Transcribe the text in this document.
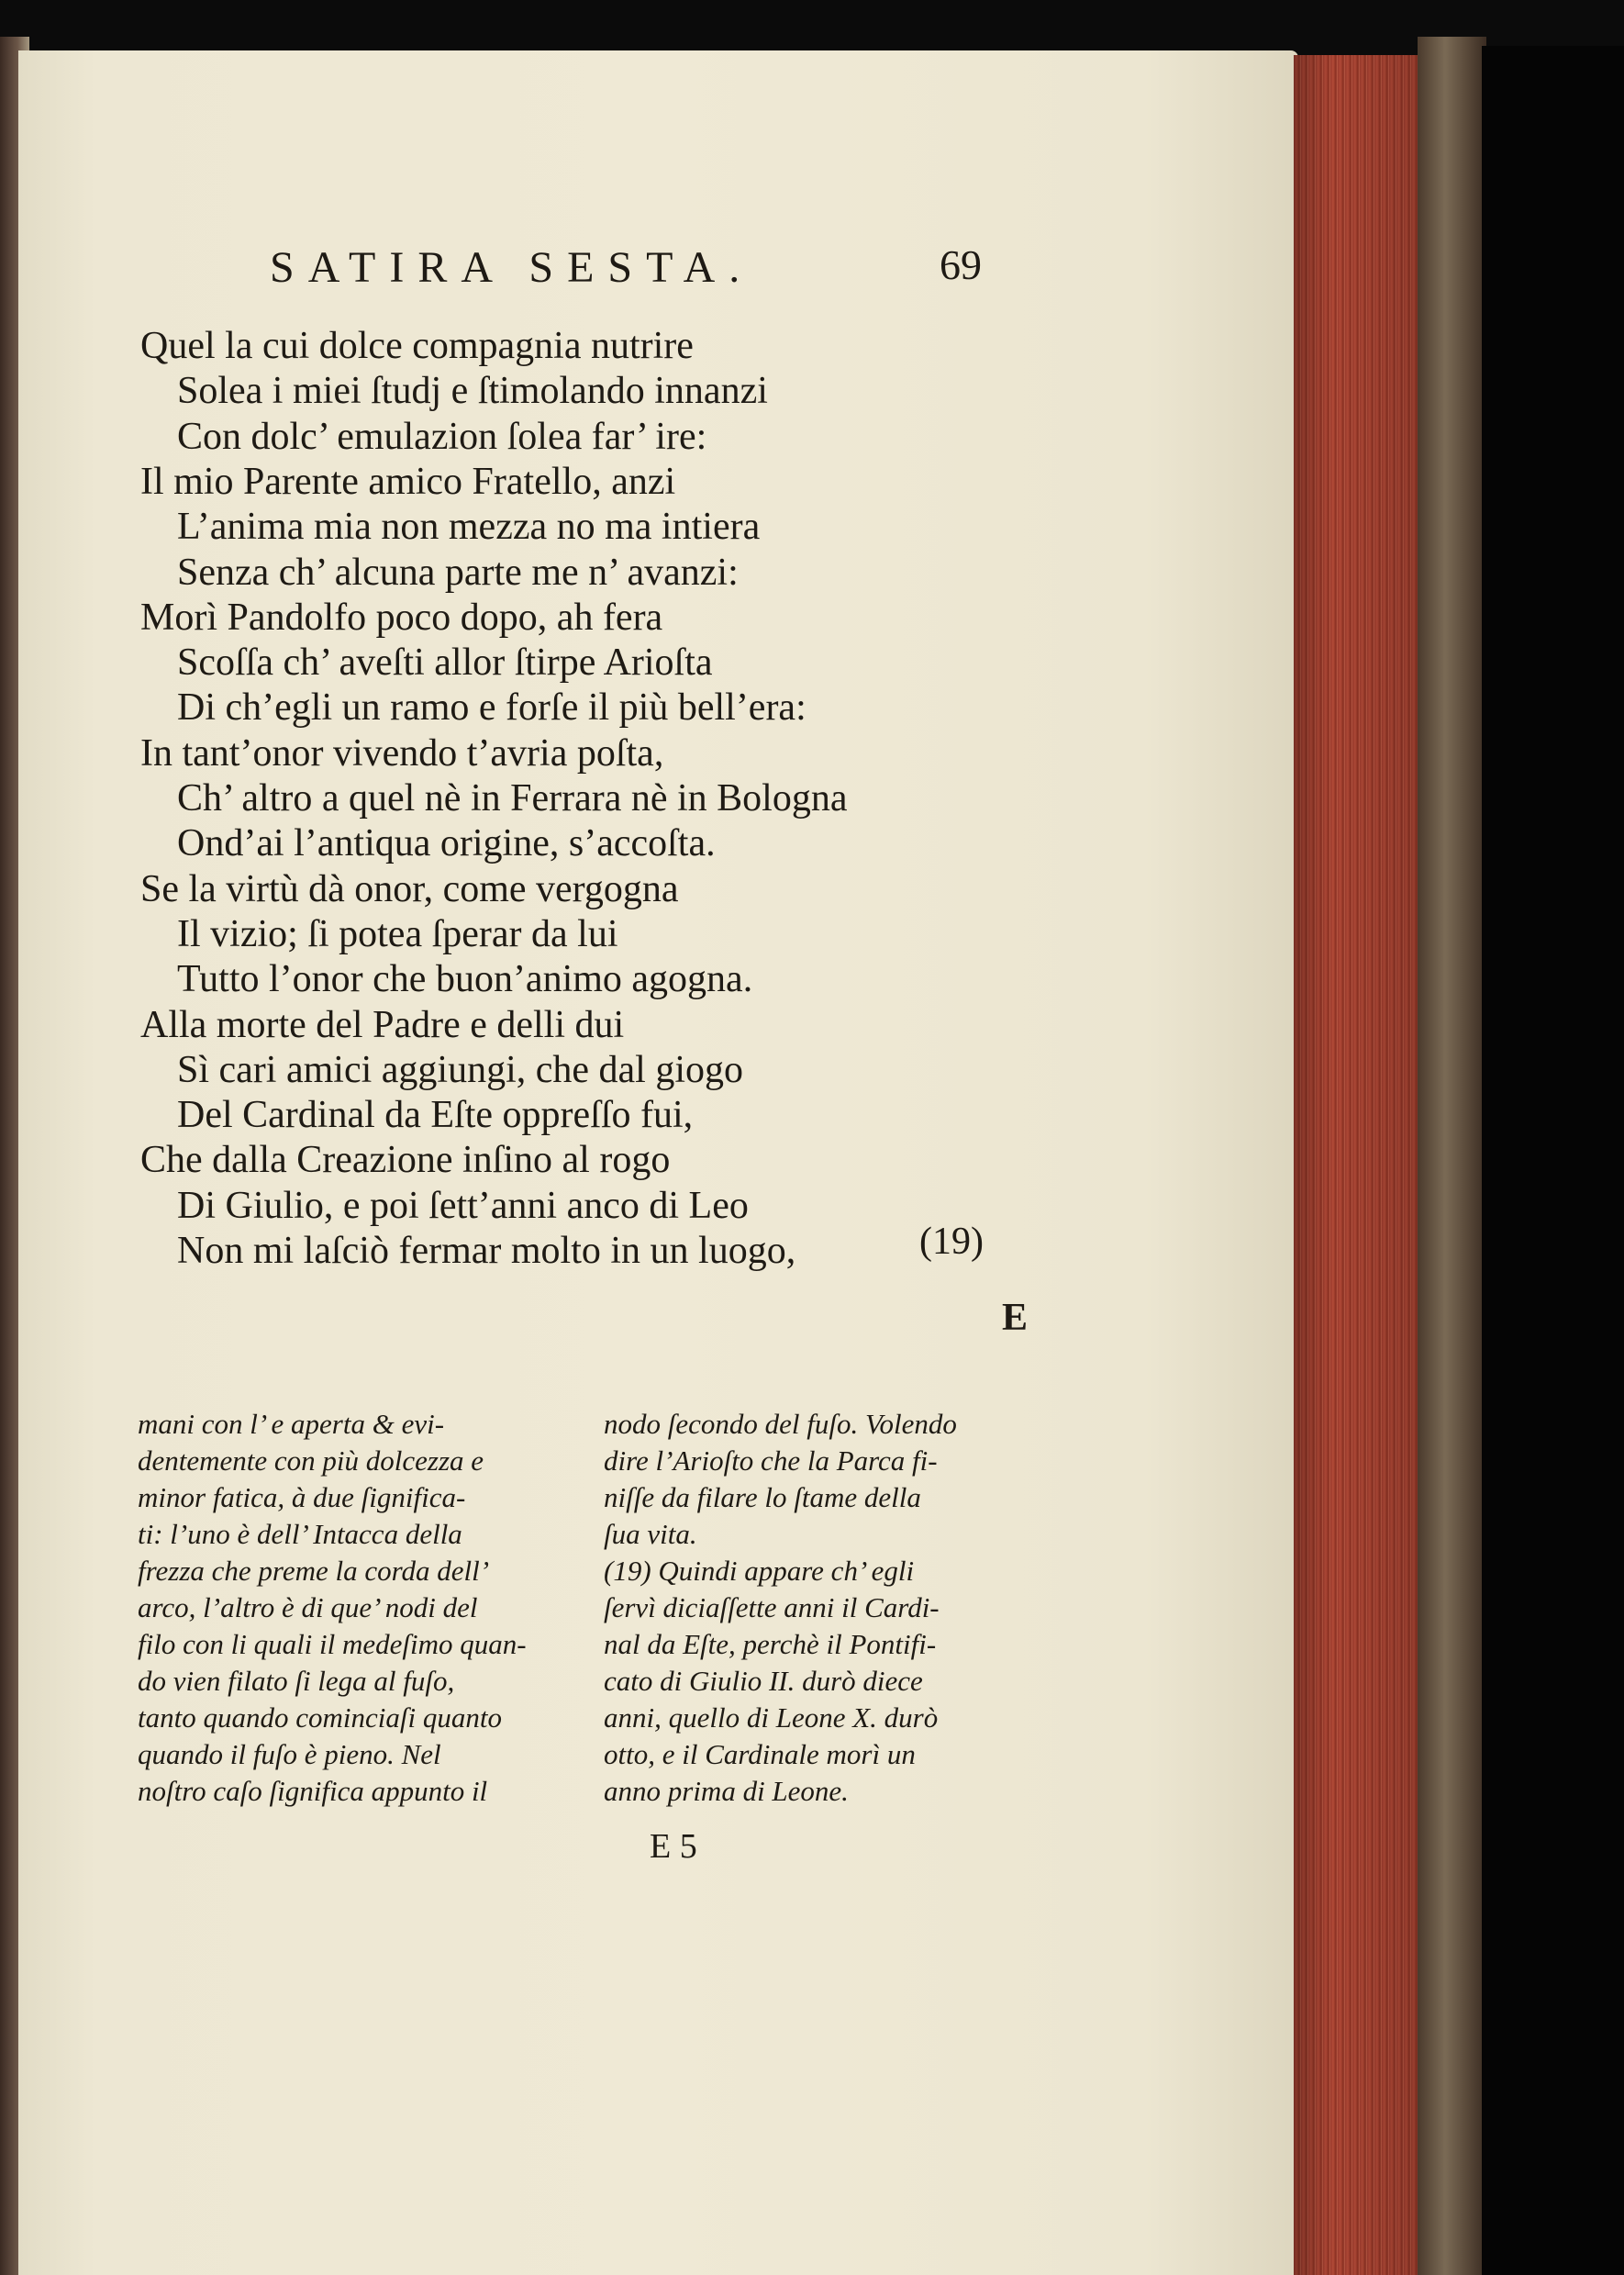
SATIRA SESTA.	69
Quel la cui dolce compagnia nutrire
Solea i miei ſtudj e ſtimolando innanzi
Con dolc’ emulazion ſolea far’ ire:
Il mio Parente amico Fratello, anzi
L’anima mia non mezza no ma intiera
Senza ch’ alcuna parte me n’ avanzi:
Morì Pandolfo poco dopo, ah fera
Scoſſa ch’ aveſti allor ſtirpe Arioſta
Di ch’egli un ramo e forſe il più bell’era:
In tant’onor vivendo t’avria poſta,
Ch’ altro a quel nè in Ferrara nè in Bologna
Ond’ai l’antiqua origine, s’accoſta.
Se la virtù dà onor, come vergogna
Il vizio; ſi potea ſperar da lui
Tutto l’onor che buon’animo agogna.
Alla morte del Padre e delli dui
Sì cari amici aggiungi, che dal giogo
Del Cardinal da Eſte oppreſſo fui,
Che dalla Creazione inſino al rogo
Di Giulio, e poi ſett’anni anco di Leo
Non mi laſciò fermar molto in un luogo,	(19)
E
mani con l’ e aperta & evi-
dentemente con più dolcezza e
minor fatica, à due ſignifica-
ti: l’uno è dell’ Intacca della
frezza che preme la corda dell’
arco, l’altro è di que’ nodi del
filo con li quali il medeſimo quan-
do vien filato ſi lega al fuſo,
tanto quando cominciaſi quanto
quando il fuſo è pieno. Nel
noſtro caſo ſignifica appunto il
nodo ſecondo del fuſo. Volendo
dire l’Arioſto che la Parca fi-
niſſe da filare lo ſtame della
ſua vita.
(19) Quindi appare ch’ egli
ſervì diciaſſette anni il Cardi-
nal da Eſte, perchè il Pontifi-
cato di Giulio II. durò diece
anni, quello di Leone X. durò
otto, e il Cardinale morì un
anno prima di Leone.
E 5
